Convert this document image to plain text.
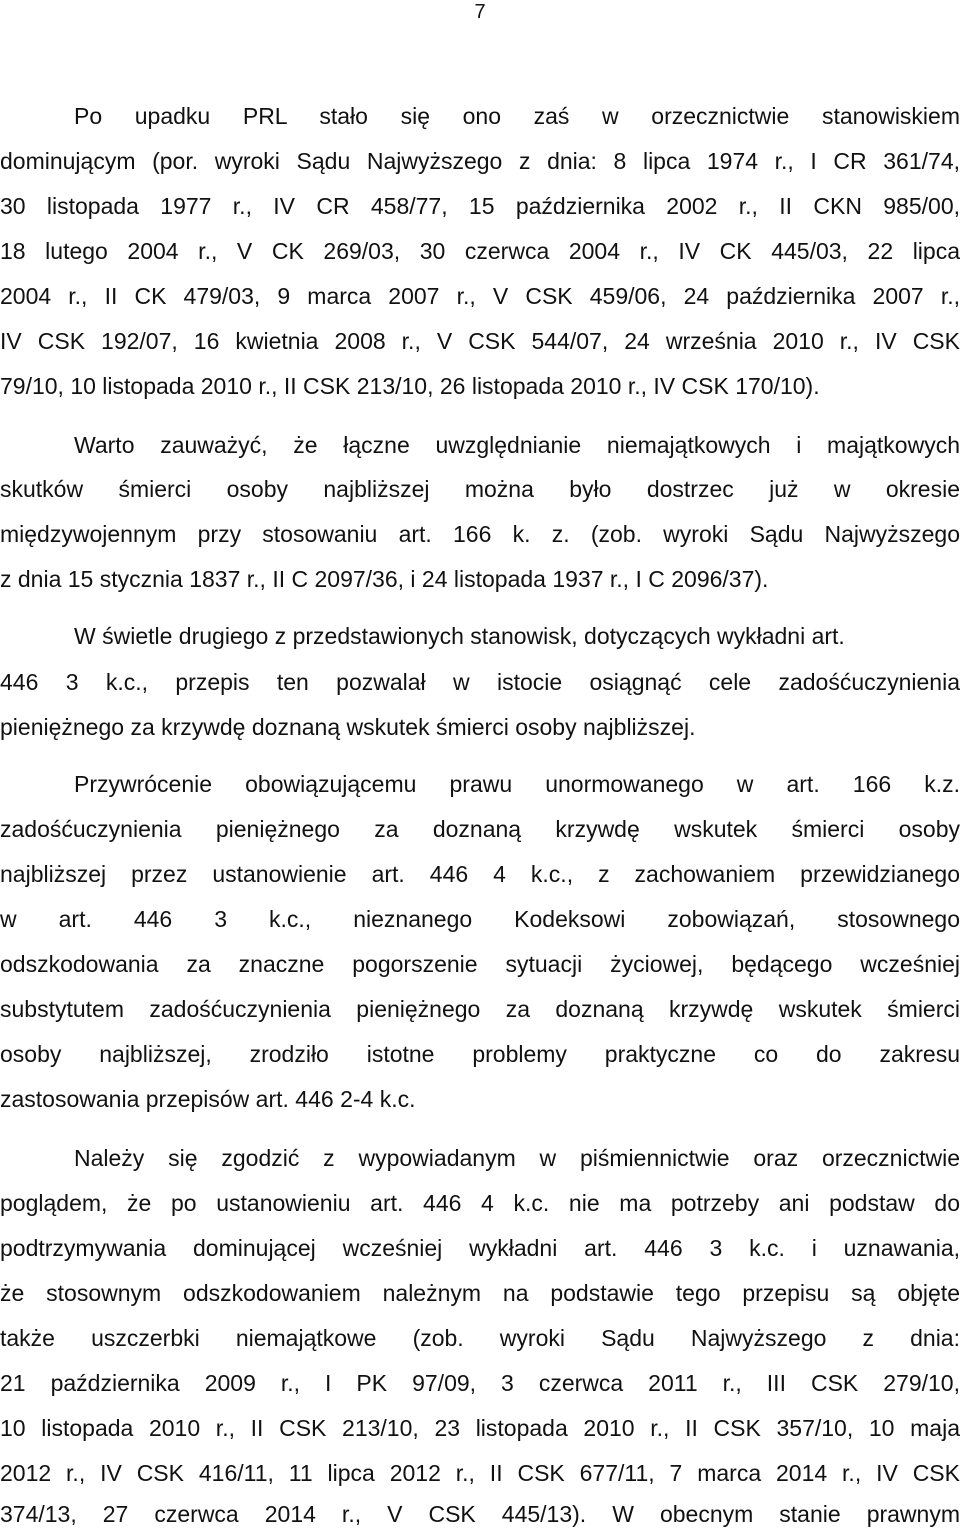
7
Po upadku PRL stało się ono zaś w orzecznictwie stanowiskiem
dominującym (por. wyroki Sądu Najwyższego z dnia: 8 lipca 1974 r., I CR 361/74,
30 listopada 1977 r., IV CR 458/77, 15 października 2002 r., II CKN 985/00,
18 lutego 2004 r., V CK 269/03, 30 czerwca 2004 r., IV CK 445/03, 22 lipca
2004 r., II CK 479/03, 9 marca 2007 r., V CSK 459/06, 24 października 2007 r.,
IV CSK 192/07, 16 kwietnia 2008 r., V CSK 544/07, 24 września 2010 r., IV CSK
79/10, 10 listopada 2010 r., II CSK 213/10, 26 listopada 2010 r., IV CSK 170/10).
Warto zauważyć, że łączne uwzględnianie niemajątkowych i majątkowych
skutków śmierci osoby najbliższej można było dostrzec już w okresie
międzywojennym przy stosowaniu art. 166 k. z. (zob. wyroki Sądu Najwyższego
z dnia 15 stycznia 1837 r., II C 2097/36, i 24 listopada 1937 r., I C 2096/37).
W świetle drugiego z przedstawionych stanowisk, dotyczących wykładni art.
446 3 k.c., przepis ten pozwalał w istocie osiągnąć cele zadośćuczynienia
pieniężnego za krzywdę doznaną wskutek śmierci osoby najbliższej.
Przywrócenie obowiązującemu prawu unormowanego w art. 166 k.z.
zadośćuczynienia pieniężnego za doznaną krzywdę wskutek śmierci osoby
najbliższej przez ustanowienie art. 446 4 k.c., z zachowaniem przewidzianego
w art. 446 3 k.c., nieznanego Kodeksowi zobowiązań, stosownego
odszkodowania za znaczne pogorszenie sytuacji życiowej, będącego wcześniej
substytutem zadośćuczynienia pieniężnego za doznaną krzywdę wskutek śmierci
osoby najbliższej, zrodziło istotne problemy praktyczne co do zakresu
zastosowania przepisów art. 446 2-4 k.c.
Należy się zgodzić z wypowiadanym w piśmiennictwie oraz orzecznictwie
poglądem, że po ustanowieniu art. 446 4 k.c. nie ma potrzeby ani podstaw do
podtrzymywania dominującej wcześniej wykładni art. 446 3 k.c. i uznawania,
że stosownym odszkodowaniem należnym na podstawie tego przepisu są objęte
także uszczerbki niemajątkowe (zob. wyroki Sądu Najwyższego z dnia:
21 października 2009 r., I PK 97/09, 3 czerwca 2011 r., III CSK 279/10,
10 listopada 2010 r., II CSK 213/10, 23 listopada 2010 r., II CSK 357/10, 10 maja
2012 r., IV CSK 416/11, 11 lipca 2012 r., II CSK 677/11, 7 marca 2014 r., IV CSK
374/13, 27 czerwca 2014 r., V CSK 445/13). W obecnym stanie prawnym
